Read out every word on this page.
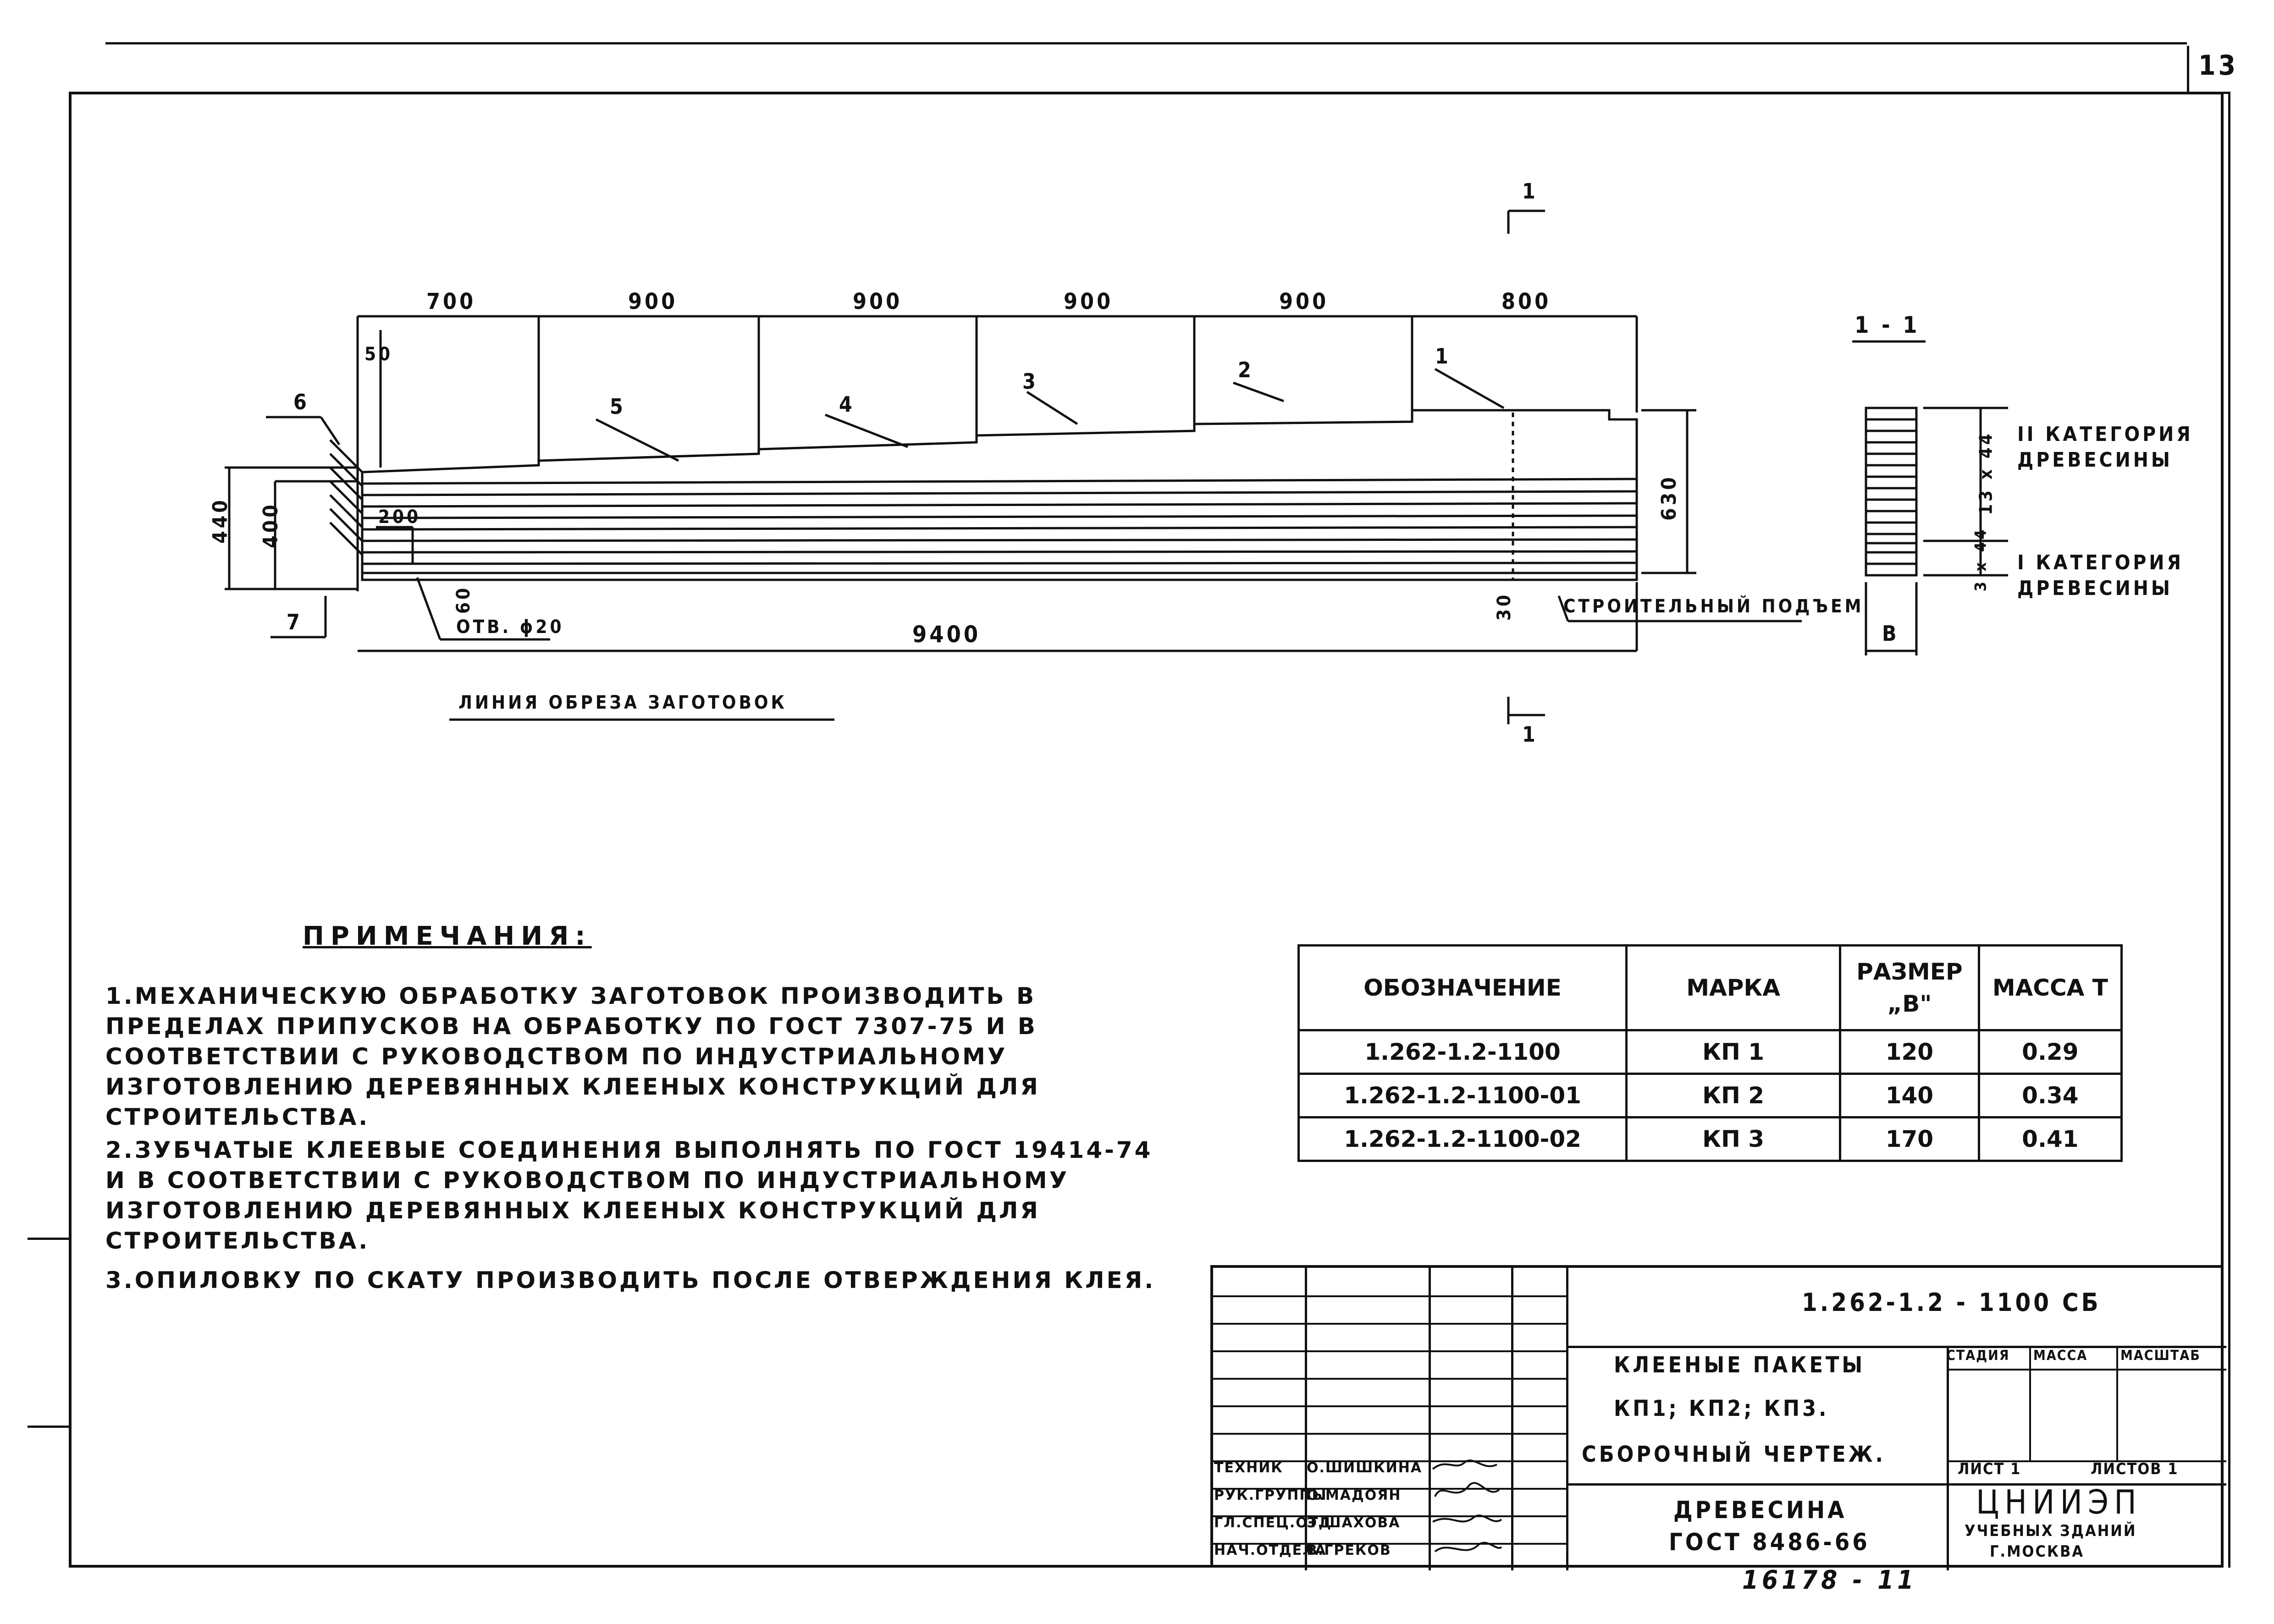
13
700	900	900	900	900	800
50
200
60	30
440 400
630
9400
ОТВ. ϕ20
СТРОИТЕЛЬНЫЙ ПОДЪЕМ
ЛИНИЯ ОБРЕЗА ЗАГОТОВОК
1
2
3
4
5
6
7
1
1
1 - 1
В
13 х 44
3 х 44
II КАТЕГОРИЯ ДРЕВЕСИНЫ
I КАТЕГОРИЯ ДРЕВЕСИНЫ
ПРИМЕЧАНИЯ:
1.МЕХАНИЧЕСКУЮ ОБРАБОТКУ ЗАГОТОВОК ПРОИЗВОДИТЬ В ПРЕДЕЛАХ ПРИПУСКОВ НА ОБРАБОТКУ ПО ГОСТ 7307-75 И В СООТВЕТСТВИИ С РУКОВОДСТВОМ ПО ИНДУСТРИАЛЬНОМУ ИЗГОТОВЛЕНИЮ ДЕРЕВЯННЫХ КЛЕЕНЫХ КОНСТРУКЦИЙ ДЛЯ СТРОИТЕЛЬСТВА.
2.ЗУБЧАТЫЕ КЛЕЕВЫЕ СОЕДИНЕНИЯ ВЫПОЛНЯТЬ ПО ГОСТ 19414-74 И В СООТВЕТСТВИИ С РУКОВОДСТВОМ ПО ИНДУСТРИАЛЬНОМУ ИЗГОТОВЛЕНИЮ ДЕРЕВЯННЫХ КЛЕЕНЫХ КОНСТРУКЦИЙ ДЛЯ СТРОИТЕЛЬСТВА.
3.ОПИЛОВКУ ПО СКАТУ ПРОИЗВОДИТЬ ПОСЛЕ ОТВЕРЖДЕНИЯ КЛЕЯ.
ОБОЗНАЧЕНИЕ	МАРКА	РАЗМЕР „В"	МАССА Т
1.262-1.2-1100	КП 1	120	0.29
1.262-1.2-1100-01	КП 2	140	0.34
1.262-1.2-1100-02	КП 3	170	0.41
ТЕХНИК О.ШИШКИНА
РУК.ГРУППЫ
О.МАДОЯН
ГЛ.СПЕЦ.ОТД
Э.ШАХОВА
НАЧ.ОТДЕЛА
В.ГРЕКОВ
1.262-1.2 - 1100 СБ
КЛЕЕНЫЕ ПАКЕТЫ
КП1; КП2; КП3.
СБОРОЧНЫЙ ЧЕРТЕЖ.
ДРЕВЕСИНА
ГОСТ 8486-66
СТАДИЯ МАССА МАСШТАБ
ЛИСТ 1	ЛИСТОВ 1
ЦНИИЭП
УЧЕБНЫХ ЗДАНИЙ
Г.МОСКВА
16178 - 11
